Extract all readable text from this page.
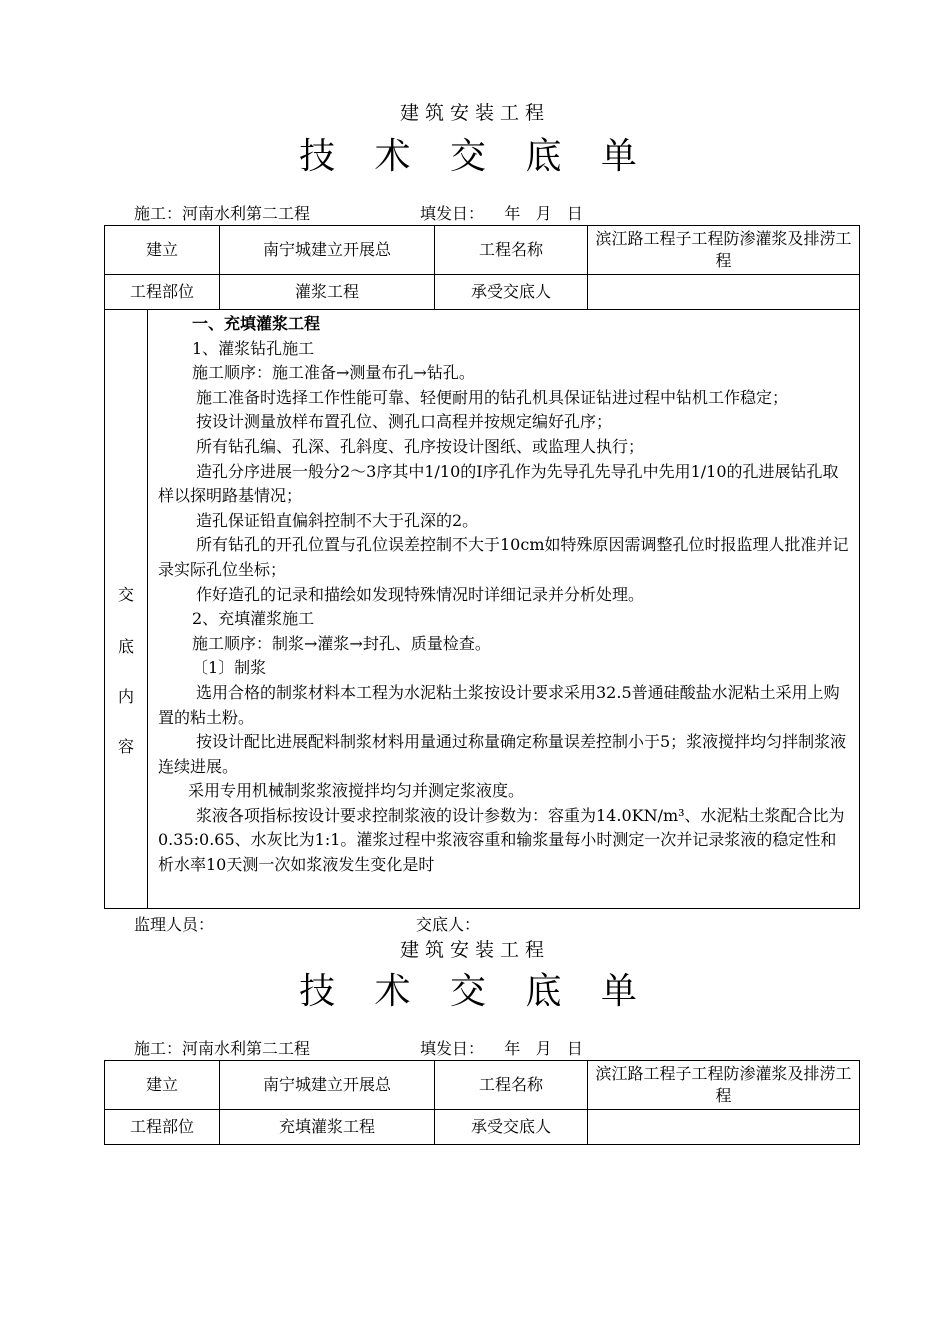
建筑安装工程
技 术 交 底 单
施工：河南水利第二工程	填发日：    年   月   日
建立	南宁城建立开展总	工程名称	滨江路工程子工程防渗灌浆及排涝工程
工程部位	灌浆工程	承受交底人	
交
底
内
容

一、充填灌浆工程

1、灌浆钻孔施工

施工顺序：施工准备→测量布孔→钻孔。

施工准备时选择工作性能可靠、轻便耐用的钻孔机具保证钻进过程中钻机工作稳定；

按设计测量放样布置孔位、测孔口高程并按规定编好孔序；

所有钻孔编、孔深、孔斜度、孔序按设计图纸、或监理人执行；

造孔分序进展一般分2～3序其中1/10的Ⅰ序孔作为先导孔先导孔中先用1/10的孔进展钻孔取样以探明路基情况；

造孔保证铅直偏斜控制不大于孔深的2。

所有钻孔的开孔位置与孔位误差控制不大于10cm如特殊原因需调整孔位时报监理人批准并记录实际孔位坐标；

作好造孔的记录和描绘如发现特殊情况时详细记录并分析处理。

2、充填灌浆施工

施工顺序：制浆→灌浆→封孔、质量检查。

〔1〕制浆

选用合格的制浆材料本工程为水泥粘土浆按设计要求采用32.5普通硅酸盐水泥粘土采用上购置的粘土粉。

按设计配比进展配料制浆材料用量通过称量确定称量误差控制小于5；浆液搅拌均匀拌制浆液连续进展。

采用专用机械制浆浆液搅拌均匀并测定浆液度。

浆液各项指标按设计要求控制浆液的设计参数为：容重为14.0KN/m³、水泥粘土浆配合比为0.35:0.65、水灰比为1:1。灌浆过程中浆液容重和输浆量每小时测定一次并记录浆液的稳定性和析水率10天测一次如浆液发生变化是时

监理人员：	交底人：
建筑安装工程
技 术 交 底 单
施工：河南水利第二工程	填发日：    年   月   日
建立	南宁城建立开展总	工程名称	滨江路工程子工程防渗灌浆及排涝工程
工程部位	充填灌浆工程	承受交底人	
